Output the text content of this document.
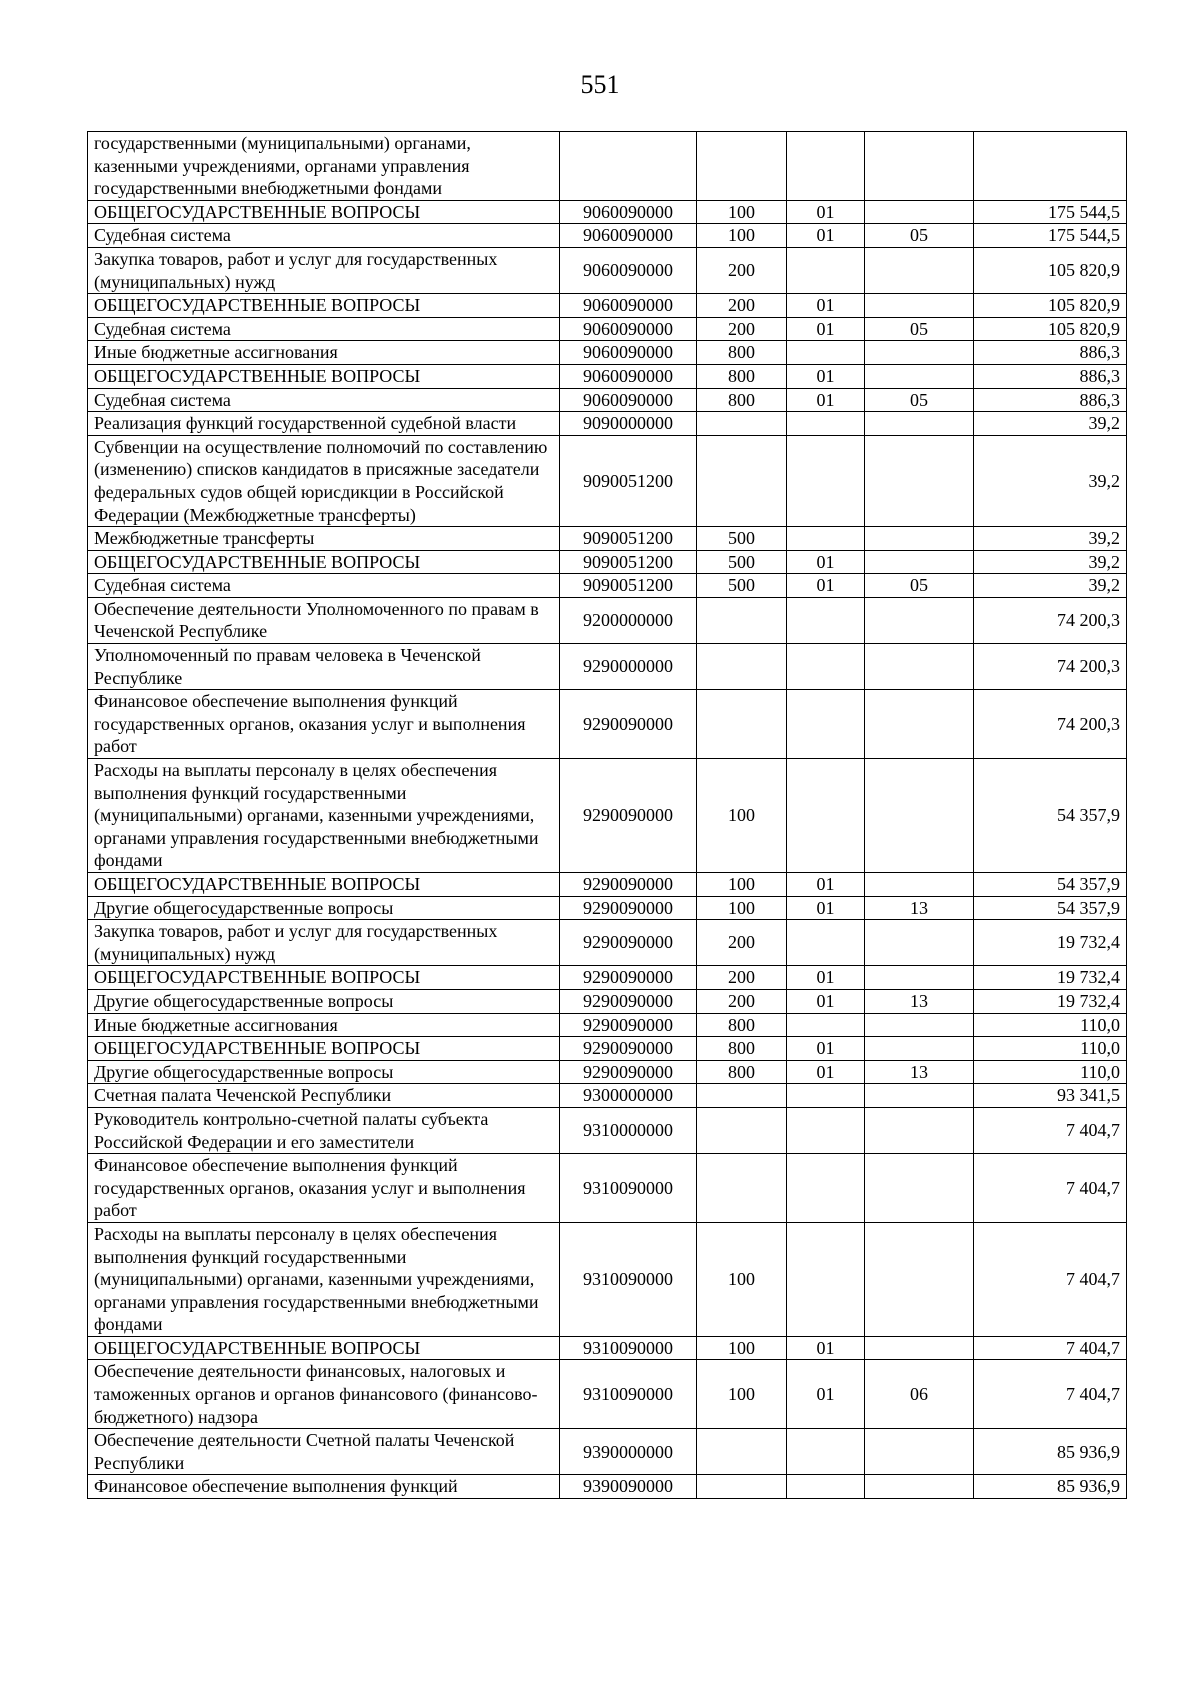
551
государственными (муниципальными) органами, казенными учреждениями, органами управления государственными внебюджетными фондами					
ОБЩЕГОСУДАРСТВЕННЫЕ ВОПРОСЫ	9060090000	100	01		175 544,5
Судебная система	9060090000	100	01	05	175 544,5
Закупка товаров, работ и услуг для государственных (муниципальных) нужд	9060090000	200			105 820,9
ОБЩЕГОСУДАРСТВЕННЫЕ ВОПРОСЫ	9060090000	200	01		105 820,9
Судебная система	9060090000	200	01	05	105 820,9
Иные бюджетные ассигнования	9060090000	800			886,3
ОБЩЕГОСУДАРСТВЕННЫЕ ВОПРОСЫ	9060090000	800	01		886,3
Судебная система	9060090000	800	01	05	886,3
Реализация функций государственной судебной власти	9090000000				39,2
Субвенции на осуществление полномочий по составлению (изменению) списков кандидатов в присяжные заседатели федеральных судов общей юрисдикции в Российской Федерации (Межбюджетные трансферты)	9090051200				39,2
Межбюджетные трансферты	9090051200	500			39,2
ОБЩЕГОСУДАРСТВЕННЫЕ ВОПРОСЫ	9090051200	500	01		39,2
Судебная система	9090051200	500	01	05	39,2
Обеспечение деятельности Уполномоченного по правам в Чеченской Республике	9200000000				74 200,3
Уполномоченный по правам человека в Чеченской Республике	9290000000				74 200,3
Финансовое обеспечение выполнения функций государственных органов, оказания услуг и выполнения работ	9290090000				74 200,3
Расходы на выплаты персоналу в целях обеспечения выполнения функций государственными (муниципальными) органами, казенными учреждениями, органами управления государственными внебюджетными фондами	9290090000	100			54 357,9
ОБЩЕГОСУДАРСТВЕННЫЕ ВОПРОСЫ	9290090000	100	01		54 357,9
Другие общегосударственные вопросы	9290090000	100	01	13	54 357,9
Закупка товаров, работ и услуг для государственных (муниципальных) нужд	9290090000	200			19 732,4
ОБЩЕГОСУДАРСТВЕННЫЕ ВОПРОСЫ	9290090000	200	01		19 732,4
Другие общегосударственные вопросы	9290090000	200	01	13	19 732,4
Иные бюджетные ассигнования	9290090000	800			110,0
ОБЩЕГОСУДАРСТВЕННЫЕ ВОПРОСЫ	9290090000	800	01		110,0
Другие общегосударственные вопросы	9290090000	800	01	13	110,0
Счетная палата Чеченской Республики	9300000000				93 341,5
Руководитель контрольно-счетной палаты субъекта Российской Федерации и его заместители	9310000000				7 404,7
Финансовое обеспечение выполнения функций государственных органов, оказания услуг и выполнения работ	9310090000				7 404,7
Расходы на выплаты персоналу в целях обеспечения выполнения функций государственными (муниципальными) органами, казенными учреждениями, органами управления государственными внебюджетными фондами	9310090000	100			7 404,7
ОБЩЕГОСУДАРСТВЕННЫЕ ВОПРОСЫ	9310090000	100	01		7 404,7
Обеспечение деятельности финансовых, налоговых и таможенных органов и органов финансового (финансово-бюджетного) надзора	9310090000	100	01	06	7 404,7
Обеспечение деятельности Счетной палаты Чеченской Республики	9390000000				85 936,9
Финансовое обеспечение выполнения функций	9390090000				85 936,9
